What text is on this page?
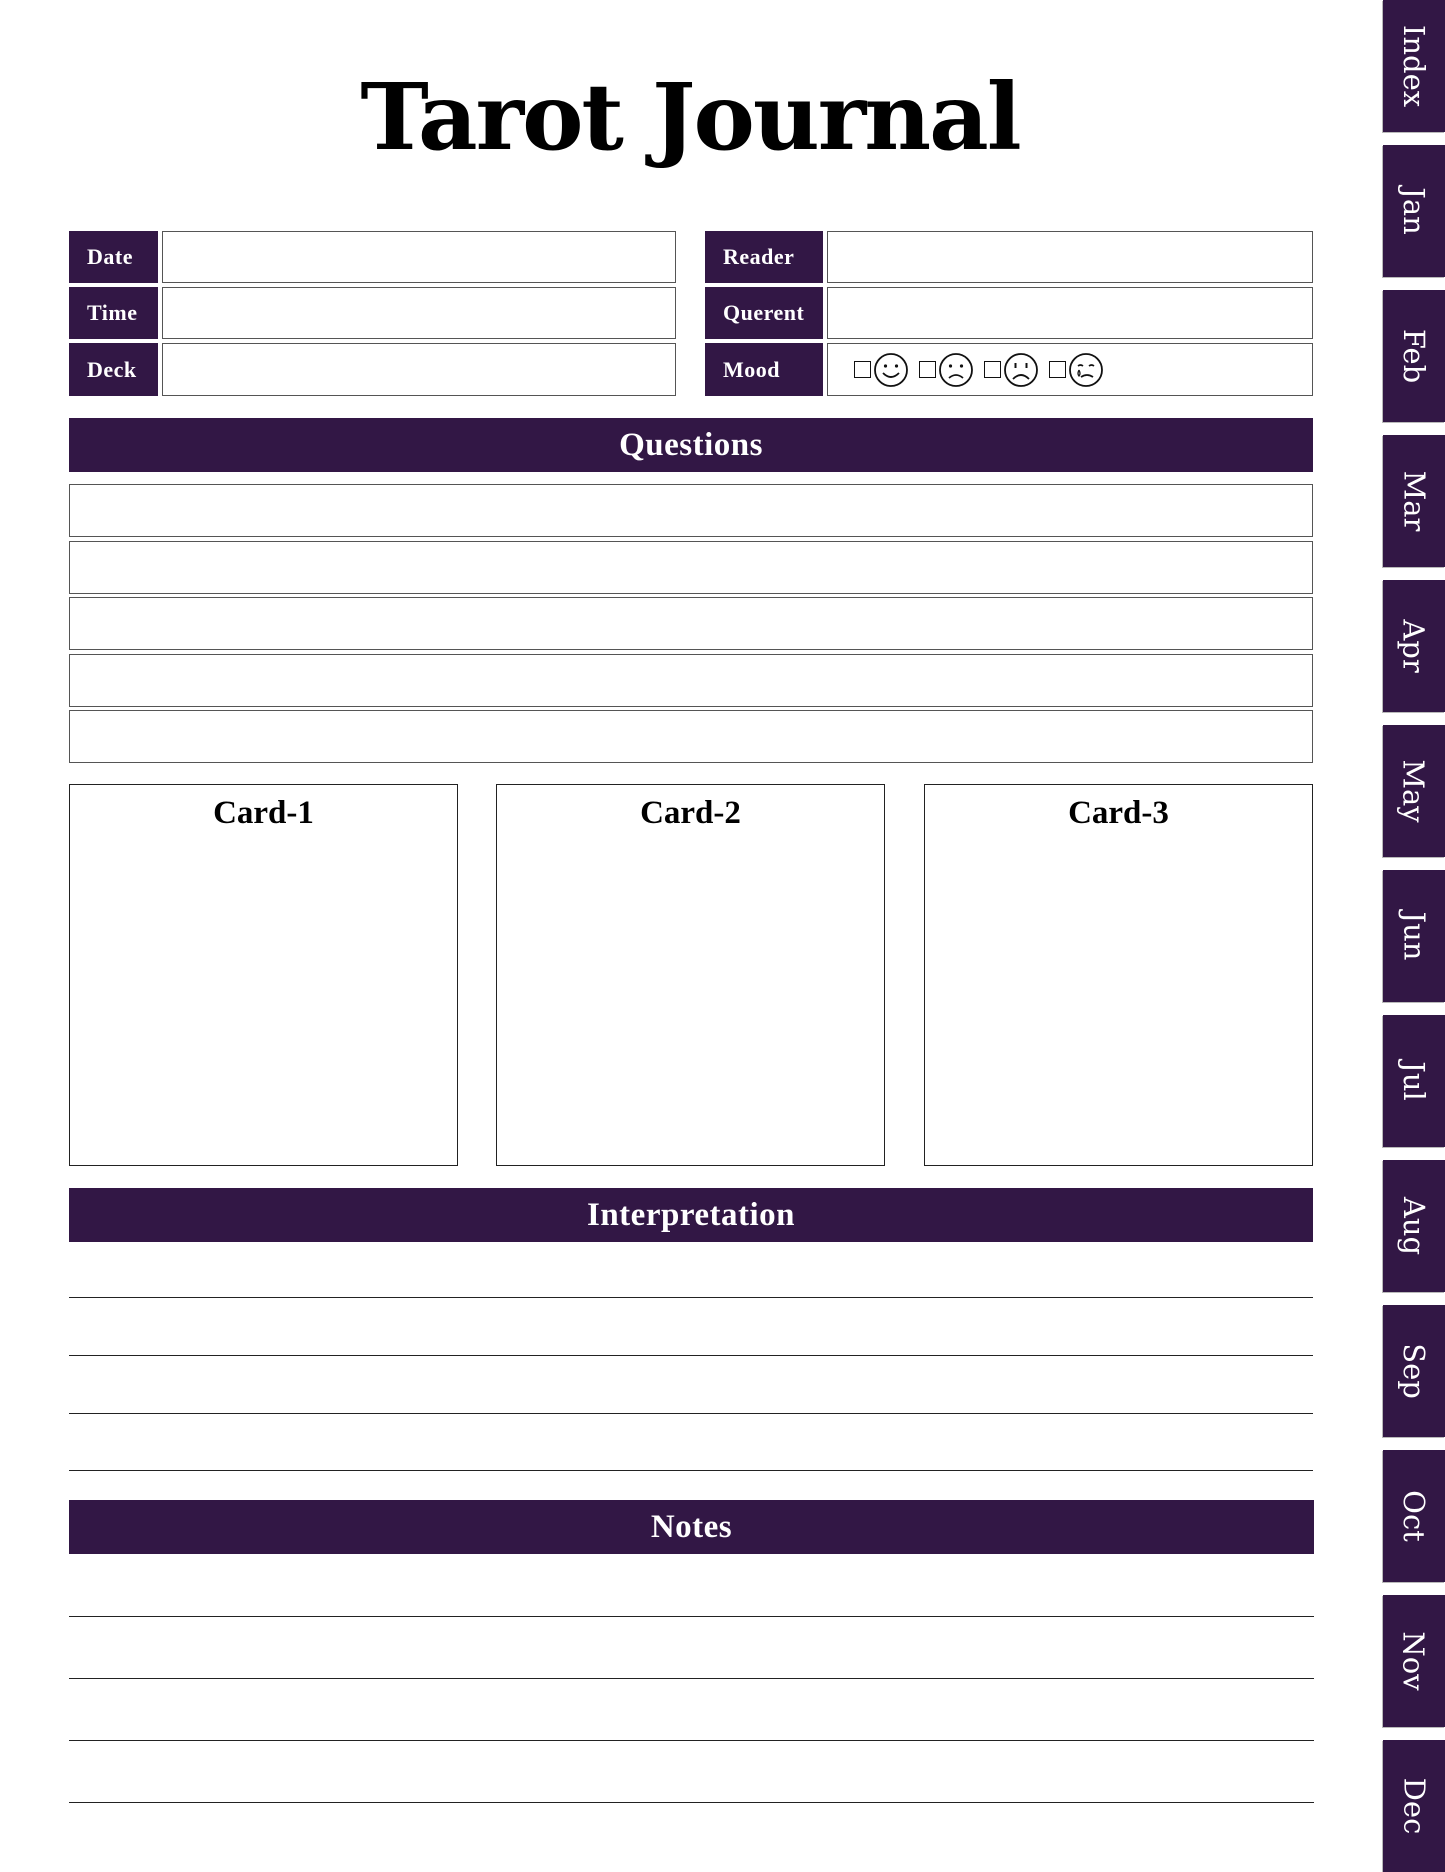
Tarot Journal
Date
Time
Deck
Reader
Querent
Mood
Questions
Card-1	Card-2	Card-3
Interpretation
Notes
Index
Jan
Feb
Mar
Apr
May
Jun
Jul
Aug
Sep
Oct
Nov
Dec
